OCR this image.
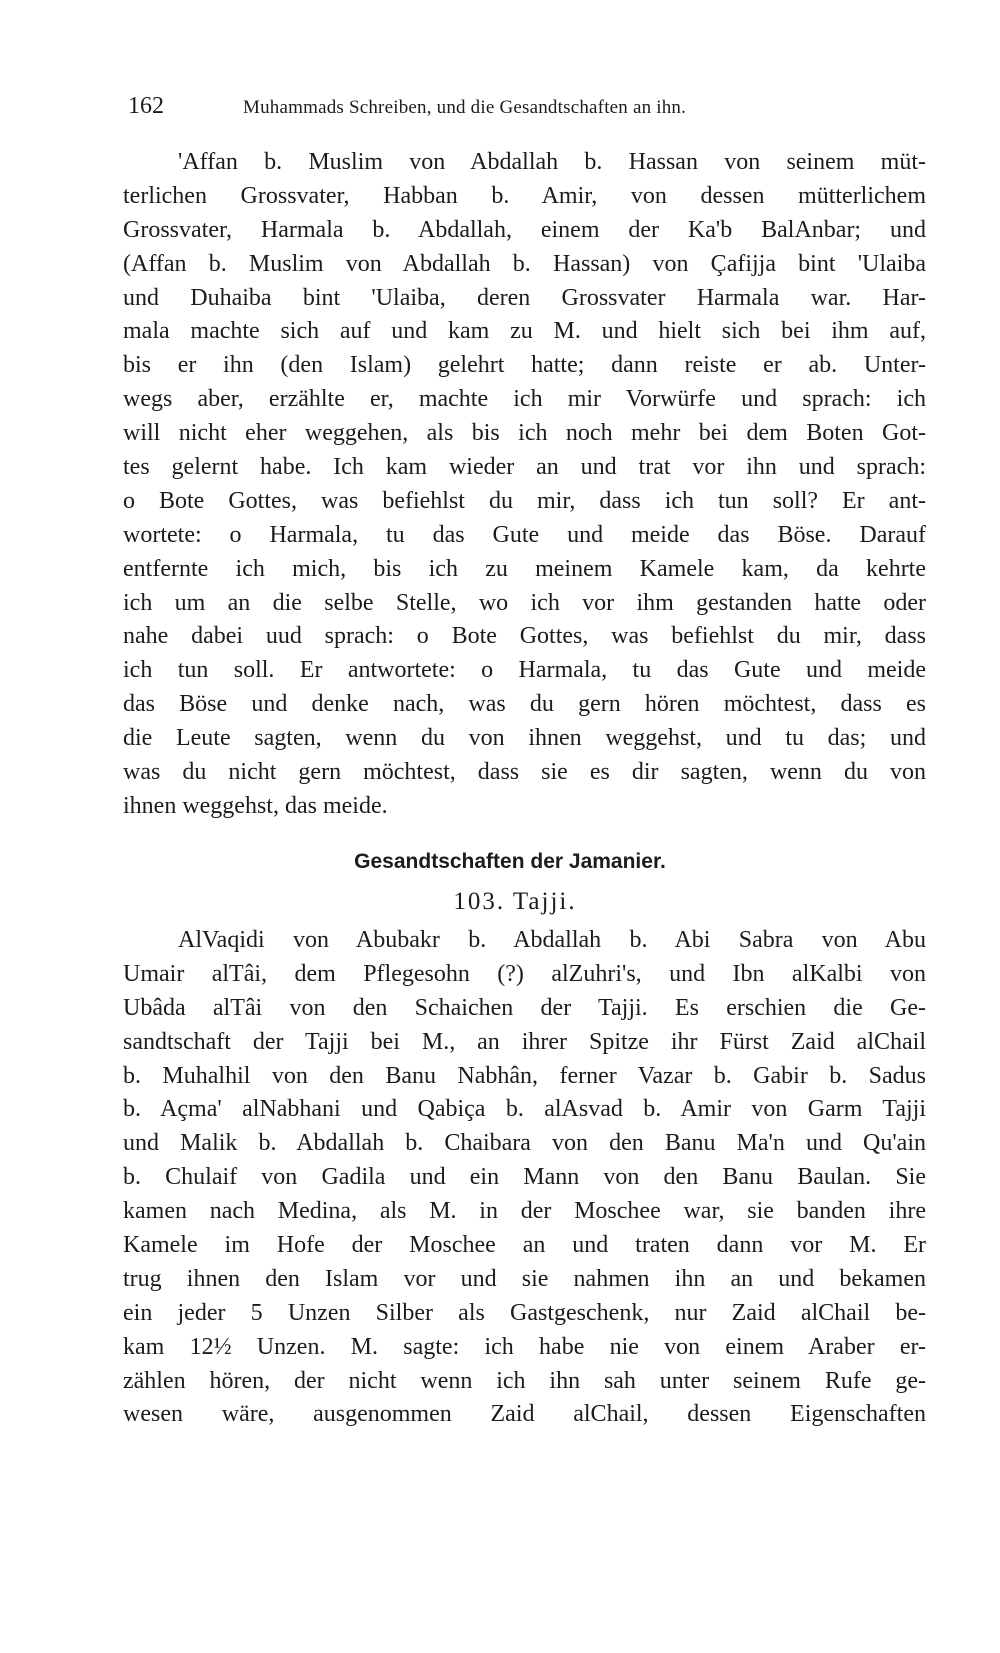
162	Muhammads Schreiben, und die Gesandtschaften an ihn.
'Affan b. Muslim von Abdallah b. Hassan von seinem müt-
terlichen Grossvater, Habban b. Amir, von dessen mütterlichem
Grossvater, Harmala b. Abdallah, einem der Ka'b BalAnbar; und
(Affan b. Muslim von Abdallah b. Hassan) von Çafijja bint 'Ulaiba
und Duhaiba bint 'Ulaiba, deren Grossvater Harmala war. Har-
mala machte sich auf und kam zu M. und hielt sich bei ihm auf,
bis er ihn (den Islam) gelehrt hatte; dann reiste er ab. Unter-
wegs aber, erzählte er, machte ich mir Vorwürfe und sprach: ich
will nicht eher weggehen, als bis ich noch mehr bei dem Boten Got-
tes gelernt habe. Ich kam wieder an und trat vor ihn und sprach:
o Bote Gottes, was befiehlst du mir, dass ich tun soll? Er ant-
wortete: o Harmala, tu das Gute und meide das Böse. Darauf
entfernte ich mich, bis ich zu meinem Kamele kam, da kehrte
ich um an die selbe Stelle, wo ich vor ihm gestanden hatte oder
nahe dabei uud sprach: o Bote Gottes, was befiehlst du mir, dass
ich tun soll. Er antwortete: o Harmala, tu das Gute und meide
das Böse und denke nach, was du gern hören möchtest, dass es
die Leute sagten, wenn du von ihnen weggehst, und tu das; und
was du nicht gern möchtest, dass sie es dir sagten, wenn du von
ihnen weggehst, das meide.
Gesandtschaften der Jamanier.
103. Tajji.
AlVaqidi von Abubakr b. Abdallah b. Abi Sabra von Abu
Umair alTâi, dem Pflegesohn (?) alZuhri's, und Ibn alKalbi von
Ubâda alTâi von den Schaichen der Tajji. Es erschien die Ge-
sandtschaft der Tajji bei M., an ihrer Spitze ihr Fürst Zaid alChail
b. Muhalhil von den Banu Nabhân, ferner Vazar b. Gabir b. Sadus
b. Açma' alNabhani und Qabiça b. alAsvad b. Amir von Garm Tajji
und Malik b. Abdallah b. Chaibara von den Banu Ma'n und Qu'ain
b. Chulaif von Gadila und ein Mann von den Banu Baulan. Sie
kamen nach Medina, als M. in der Moschee war, sie banden ihre
Kamele im Hofe der Moschee an und traten dann vor M. Er
trug ihnen den Islam vor und sie nahmen ihn an und bekamen
ein jeder 5 Unzen Silber als Gastgeschenk, nur Zaid alChail be-
kam 12½ Unzen. M. sagte: ich habe nie von einem Araber er-
zählen hören, der nicht wenn ich ihn sah unter seinem Rufe ge-
wesen wäre, ausgenommen Zaid alChail, dessen Eigenschaften
